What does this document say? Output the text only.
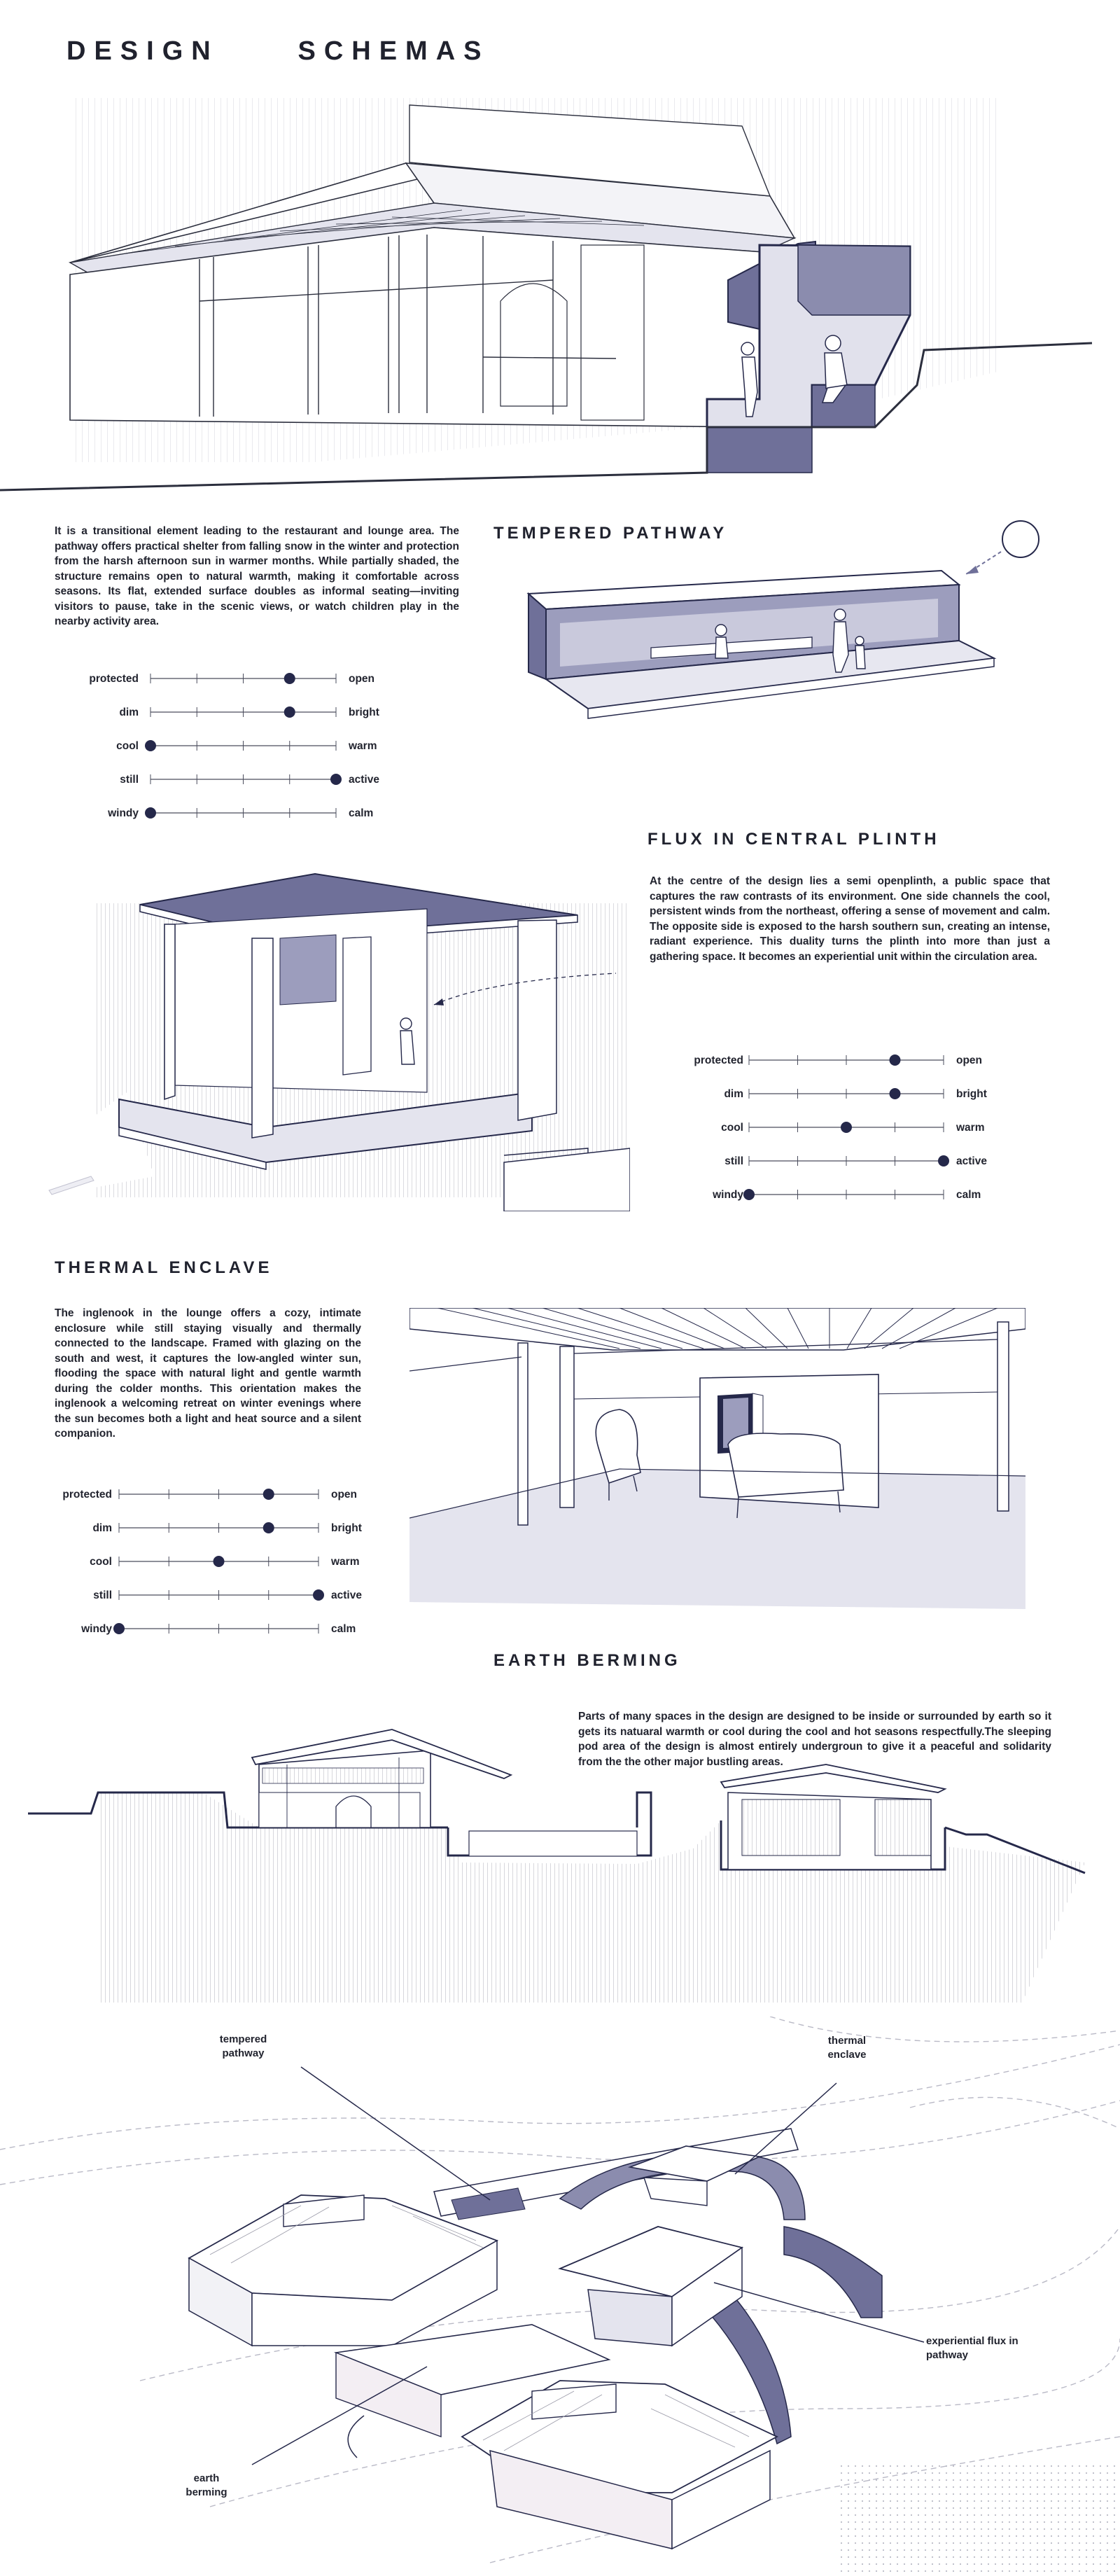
DESIGN     SCHEMAS
It is a transitional element leading to the restaurant and lounge area. The pathway offers practical shelter from falling snow in the winter and protection from the harsh afternoon sun in warmer months. While partially shaded, the structure remains open to natural warmth, making it comfortable across seasons. Its flat, extended surface doubles as informal seating—inviting visitors to pause, take in the scenic views, or watch children play in the nearby activity area.
TEMPERED PATHWAY
protected	open
dim	bright
cool	warm
still	active
windy	calm
FLUX IN CENTRAL PLINTH
At the centre of the design lies a semi openplinth, a public space that captures the raw contrasts of its environment. One side channels the cool, persistent winds from the northeast, offering a sense of movement and calm. The opposite side is exposed to the harsh southern sun, creating an intense, radiant experience. This duality turns the plinth into more than just a gathering space. It becomes an experiential unit within the circulation area.
protected	open
dim	bright
cool	warm
still	active
windy	calm
THERMAL ENCLAVE
The inglenook in the lounge offers a cozy, intimate enclosure while still staying visually and thermally connected to the landscape. Framed with glazing on the south and west, it captures the low-angled winter sun, flooding the space with natural light and gentle warmth during the colder months. This orientation makes the inglenook a welcoming retreat on winter evenings where the sun becomes both a light and heat source and a silent companion.
protected	open
dim	bright
cool	warm
still	active
windy	calm
EARTH BERMING
Parts of many spaces in the design are designed to be inside or surrounded by earth so it gets its natuaral warmth or cool during the cool and hot seasons respectfully.The sleeping pod area of the design is almost entirely undergroun to give it a peaceful and solidarity from the the other major bustling areas.
tempered pathway
thermal enclave
experiential flux in pathway
earth berming
